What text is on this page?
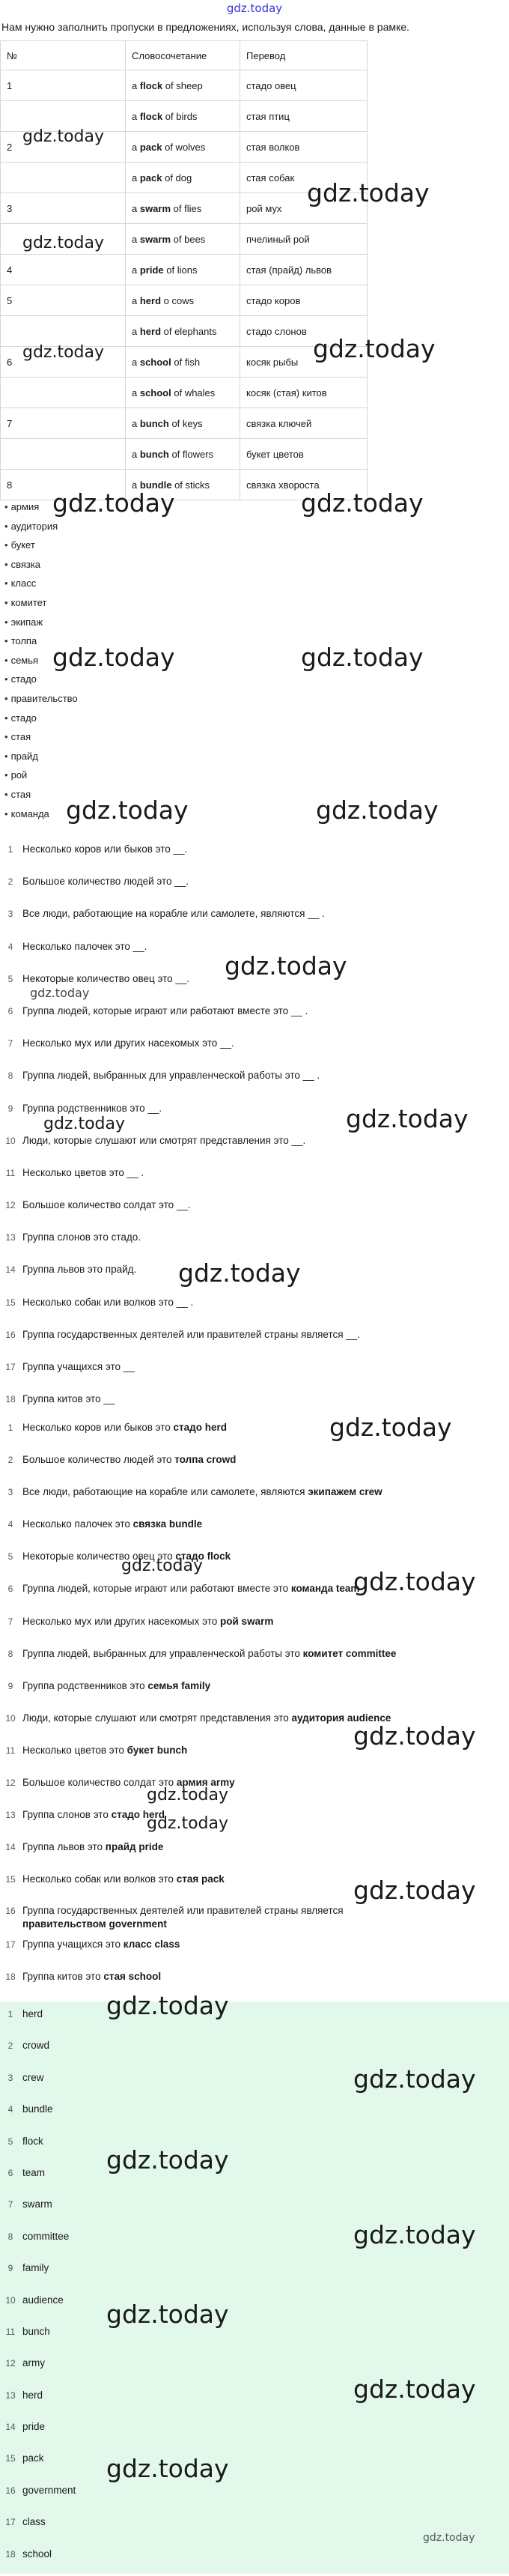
gdz.today
Нам нужно заполнить пропуски в предложениях, используя слова, данные в рамке.
№	Словосочетание	Перевод
1	a flock of sheep	стадо овец
	a flock of birds	стая птиц
2	a pack of wolves	стая волков
	a pack of dog	стая собак
3	a swarm of flies	рой мух
	a swarm of bees	пчелиный рой
4	a pride of lions	стая (прайд) львов
5	a herd o cows	стадо коров
	a herd of elephants	стадо слонов
6	a school of fish	косяк рыбы
	a school of whales	косяк (стая) китов
7	a bunch of keys	связка ключей
	a bunch of flowers	букет цветов
8	a bundle of sticks	связка хвороста
• армия
• аудитория
• букет
• связка
• класс
• комитет
• экипаж
• толпа
• семья
• стадо
• правительство
• стадо
• стая
• прайд
• рой
• стая
• команда
1 Несколько коров или быков это __.
2 Большое количество людей это __.
3 Все люди, работающие на корабле или самолете, являются __ .
4 Несколько палочек это __.
5 Некоторые количество овец это __.
6 Группа людей, которые играют или работают вместе это __ .
7 Несколько мух или других насекомых это __.
8 Группа людей, выбранных для управленческой работы это __ .
9 Группа родственников это __.
10 Люди, которые слушают или смотрят представления это __.
11 Несколько цветов это __ .
12 Большое количество солдат это __.
13 Группа слонов это стадо.
14 Группа львов это прайд.
15 Несколько собак или волков это __ .
16 Группа государственных деятелей или правителей страны является __.
17 Группа учащихся это __
18 Группа китов это __
1 Несколько коров или быков это стадо herd
2 Большое количество людей это толпа crowd
3 Все люди, работающие на корабле или самолете, являются экипажем crew
4 Несколько палочек это связка bundle
5 Некоторые количество овец это стадо flock
6 Группа людей, которые играют или работают вместе это команда team
7 Несколько мух или других насекомых это рой swarm
8 Группа людей, выбранных для управленческой работы это комитет committee
9 Группа родственников это семья family
10 Люди, которые слушают или смотрят представления это аудитория audience
11 Несколько цветов это букет bunch
12 Большое количество солдат это армия army
13 Группа слонов это стадо herd
14 Группа львов это прайд pride
15 Несколько собак или волков это стая pack
16 Группа государственных деятелей или правителей страны является
правительством government
17 Группа учащихся это класс class
18 Группа китов это стая school
1 herd
2 crowd
3 crew
4 bundle
5 flock
6 team
7 swarm
8 committee
9 family
10 audience
11 bunch
12 army
13 herd
14 pride
15 pack
16 government
17 class
18 school
gdz.today
gdz.today
gdz.today
gdz.today	gdz.today
gdz.today	gdz.today
gdz.today	gdz.today
gdz.today	gdz.today
gdz.today
gdz.today
gdz.today	gdz.today
gdz.today
gdz.today
gdz.today
gdz.today
gdz.today
gdz.today
gdz.today
gdz.today
gdz.today
gdz.today
gdz.today
gdz.today
gdz.today
gdz.today
gdz.today
gdz.today
